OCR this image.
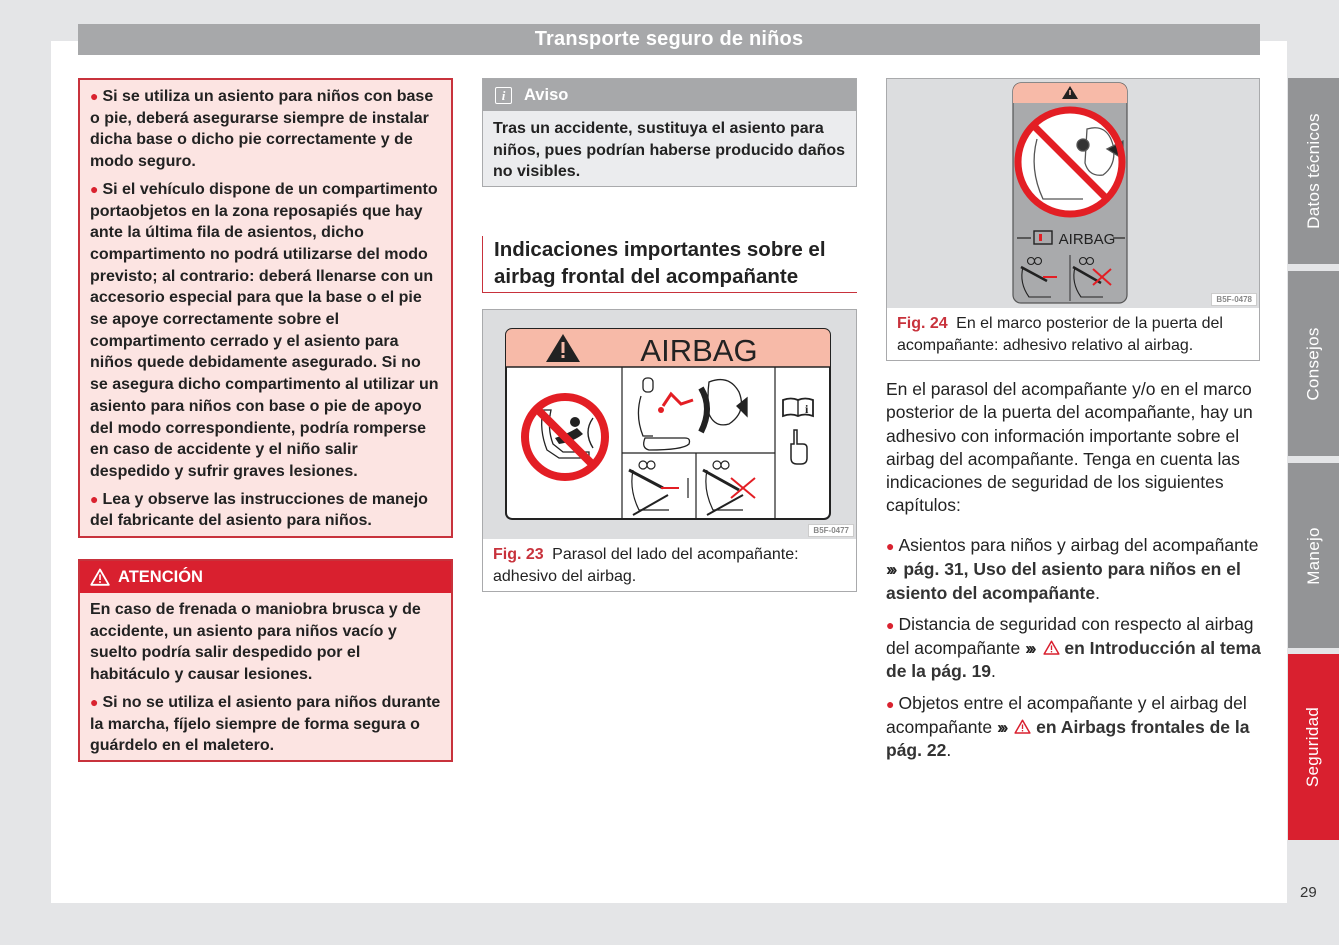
Transporte seguro de niños

● Si se utiliza un asiento para niños con base o pie, deberá asegurarse siempre de instalar dicha base o dicho pie correctamente y de modo seguro.

● Si el vehículo dispone de un compartimento portaobjetos en la zona reposapiés que hay ante la última fila de asientos, dicho compartimento no podrá utilizarse del modo previsto; al contrario: deberá llenarse con un accesorio especial para que la base o el pie se apoye correctamente sobre el compartimento cerrado y el asiento para niños quede debidamente asegurado. Si no se asegura dicho compartimento al utilizar un asiento para niños con base o pie de apoyo del modo correspondiente, podría romperse en caso de accidente y el niño salir despedido y sufrir graves lesiones.

● Lea y observe las instrucciones de manejo del fabricante del asiento para niños.

ATENCIÓN

En caso de frenada o maniobra brusca y de accidente, un asiento para niños vacío y suelto podría salir despedido por el habitáculo y causar lesiones.

● Si no se utiliza el asiento para niños durante la marcha, fíjelo siempre de forma segura o guárdelo en el maletero.

i	Aviso
Tras un accidente, sustituya el asiento para niños, pues podrían haberse producido daños no visibles.
Indicaciones importantes sobre el airbag frontal del acompañante
AIRBAG
i
B5F-0477
Fig. 23 Parasol del lado del acompañante: adhesivo del airbag.
AIRBAG
B5F-0478
Fig. 24 En el marco posterior de la puerta del acompañante: adhesivo relativo al airbag.
En el parasol del acompañante y/o en el marco posterior de la puerta del acompañante, hay un adhesivo con información importante sobre el airbag del acompañante. Tenga en cuenta las indicaciones de seguridad de los siguientes capítulos:

● Asientos para niños y airbag del acompañante ››› pág. 31, Uso del asiento para niños en el asiento del acompañante.

● Distancia de seguridad con respecto al airbag del acompañante ››› en Introducción al tema de la pág. 19.

● Objetos entre el acompañante y el airbag del acompañante ››› en Airbags frontales de la pág. 22.

Datos técnicos
Consejos
Manejo
Seguridad
29
